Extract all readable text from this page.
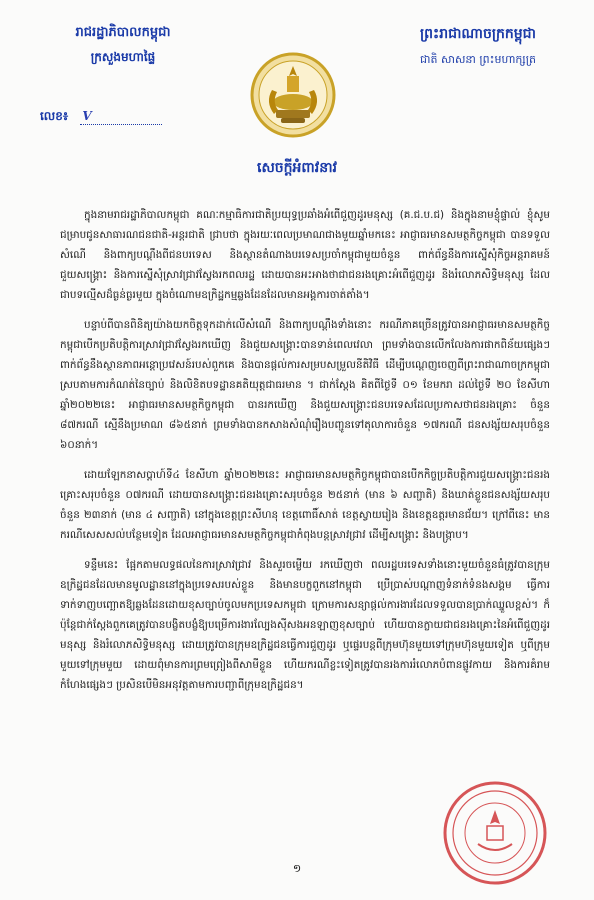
រាជរដ្ឋាភិបាលកម្ពុជា
ក្រសួងមហាផ្ទៃ
លេខ៖ V
ព្រះរាជាណាចក្រកម្ពុជា
ជាតិ សាសនា ព្រះមហាក្សត្រ
សេចក្តីអំពាវនាវ

ក្នុងនាមរាជរដ្ឋាភិបាលកម្ពុជា គណៈកម្មាធិការជាតិប្រយុទ្ធប្រឆាំងអំពើជួញដូរមនុស្ស (គ.ជ.ប.ជ) និងក្នុងនាមខ្ញុំផ្ទាល់ ខ្ញុំសូមជម្រាបជូនសាធារណជនជាតិ-អន្តរជាតិ ជ្រាបថា ក្នុងរយៈពេលប្រមាណជាងមួយឆ្នាំមកនេះ អាជ្ញាធរមានសមត្ថកិច្ចកម្ពុជា បានទទួលសំណើ និងពាក្យបណ្តឹងពីជនបរទេស និងស្ថានតំណាងបរទេសប្រចាំកម្ពុជាមួយចំនួន ពាក់ព័ន្ធនឹងការស្នើសុំកិច្ចអន្តរាគមន៍ជួយសង្គ្រោះ និងការស្នើសុំស្រាវជ្រាវស្វែងរកពលរដ្ឋ ដោយបានអះអាងថាជាជនរងគ្រោះអំពើជួញដូរ និងរំលោភសិទ្ធិមនុស្ស ដែលជាបទល្មើសដ៏ធ្ងន់ធ្ងរមួយ ក្នុងចំណោមឧក្រិដ្ឋកម្មឆ្លងដែនដែលមានអង្គការចាត់តាំង។

បន្ទាប់ពីបានពិនិត្យយ៉ាងយកចិត្តទុកដាក់លើសំណើ និងពាក្យបណ្តឹងទាំងនោះ ករណីភាគច្រើនត្រូវបានអាជ្ញាធរមានសមត្ថកិច្ចកម្ពុជាបើកប្រតិបត្តិការស្រាវជ្រាវស្វែងរកឃើញ និងជួយសង្គ្រោះបានទាន់ពេលវេលា ព្រមទាំងបានលើកលែងការផាកពិន័យផ្សេងៗពាក់ព័ន្ធនឹងស្ថានភាពអន្តោប្រវេសន៍របស់ពួកគេ និងបានផ្តល់ការសម្របសម្រួលនីតិវិធី ដើម្បីបណ្តេញចេញពីព្រះរាជាណាចក្រកម្ពុជា ស្របតាមការកំណត់នៃច្បាប់ និងលិខិតបទដ្ឋានគតិយុត្តជាធរមាន ។ ជាក់ស្តែង គិតពីថ្ងៃទី ០១ ខែមករា ដល់ថ្ងៃទី ២០ ខែសីហា ឆ្នាំ២០២២នេះ អាជ្ញាធរមានសមត្ថកិច្ចកម្ពុជា បានរកឃើញ និងជួយសង្គ្រោះជនបរទេសដែលប្រកាសថាជនរងគ្រោះ ចំនួន ៨៧ករណី ស្មើនឹងប្រមាណ ៨៦៥នាក់ ព្រមទាំងបានកសាងសំណុំរឿងបញ្ជូនទៅតុលាការចំនួន ១៧ករណី ជនសង្ស័យសរុបចំនួន ៦០នាក់។

ដោយឡែកនាសប្តាហ៍ទី៤ ខែសីហា ឆ្នាំ២០២២នេះ អាជ្ញាធរមានសមត្ថកិច្ចកម្ពុជាបានបើកកិច្ចប្រតិបត្តិការជួយសង្គ្រោះជនរងគ្រោះសរុបចំនួន ០៧ករណី ដោយបានសង្គ្រោះជនរងគ្រោះសរុបចំនួន ២៥នាក់ (មាន ៦ សញ្ជាតិ) និងឃាត់ខ្លួនជនសង្ស័យសរុបចំនួន ២៣នាក់ (មាន ៤ សញ្ជាតិ) នៅក្នុងខេត្តព្រះសីហនុ ខេត្តពោធិ៍សាត់ ខេត្តស្វាយរៀង និងខេត្តឧត្តរមានជ័យ។ ក្រៅពីនេះ មានករណីសេសសល់បន្ថែមទៀត ដែលអាជ្ញាធរមានសមត្ថកិច្ចកម្ពុជាកំពុងបន្តស្រាវជ្រាវ ដើម្បីសង្គ្រោះ និងបង្ក្រាប។

ទន្ទឹមនេះ ផ្អែកតាមលទ្ធផលនៃការស្រាវជ្រាវ និងសួរចម្លើយ រកឃើញថា ពលរដ្ឋបរទេសទាំងនោះមួយចំនួនធំត្រូវបានក្រុមឧក្រិដ្ឋជនដែលមានមូលដ្ឋាននៅក្នុងប្រទេសរបស់ខ្លួន និងមានបក្ខពួកនៅកម្ពុជា ប្រើប្រាស់បណ្តាញទំនាក់ទំនងសង្គម ធ្វើការទាក់ទាញបញ្ឆោតឱ្យឆ្លងដែនដោយខុសច្បាប់ចូលមកប្រទេសកម្ពុជា ក្រោមការសន្យាផ្តល់ការងារដែលទទួលបានប្រាក់ឈ្នួលខ្ពស់។ ក៏ប៉ុន្តែជាក់ស្តែងពួកគេត្រូវបានបង្ខិតបង្ខំឱ្យបម្រើការងារល្បែងស៊ីសងអនឡាញខុសច្បាប់ ហើយបានក្លាយជាជនរងគ្រោះនៃអំពើជួញដូរមនុស្ស និងរំលោភសិទ្ធិមនុស្ស ដោយត្រូវបានក្រុមឧក្រិដ្ឋជនធ្វើការជួញដូរ ឬផ្ទេរបន្តពីក្រុមហ៊ុនមួយទៅក្រុមហ៊ុនមួយទៀត ឬពីក្រុមមួយទៅក្រុមមួយ ដោយពុំមានការព្រមព្រៀងពីសាមីខ្លួន ហើយករណីខ្លះទៀតត្រូវបានរងការរំលោភបំពានផ្លូវកាយ និងការគំរាមកំហែងផ្សេងៗ ប្រសិនបើមិនអនុវត្តតាមការបញ្ជាពីក្រុមឧក្រិដ្ឋជន។

១
